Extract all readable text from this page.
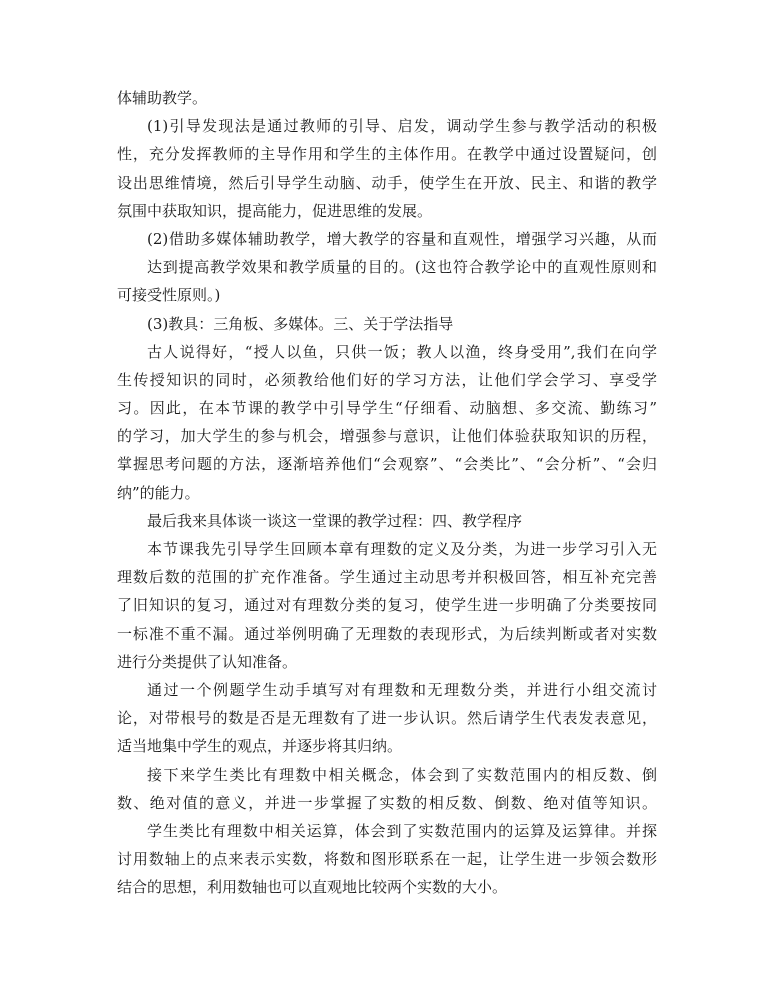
体辅助教学。
(1)引导发现法是通过教师的引导、启发，调动学生参与教学活动的积极
性，充分发挥教师的主导作用和学生的主体作用。在教学中通过设置疑问，创
设出思维情境，然后引导学生动脑、动手，使学生在开放、民主、和谐的教学
氛围中获取知识，提高能力，促进思维的发展。
(2)借助多媒体辅助教学，增大教学的容量和直观性，增强学习兴趣，从而
达到提高教学效果和教学质量的目的。(这也符合教学论中的直观性原则和
可接受性原则。)
(3)教具：三角板、多媒体。三、关于学法指导
古人说得好，“授人以鱼，只供一饭；教人以渔，终身受用”,我们在向学
生传授知识的同时，必须教给他们好的学习方法，让他们学会学习、享受学
习。因此，在本节课的教学中引导学生“仔细看、动脑想、多交流、勤练习”
的学习，加大学生的参与机会，增强参与意识，让他们体验获取知识的历程，
掌握思考问题的方法，逐渐培养他们“会观察”、“会类比”、“会分析”、“会归
纳”的能力。
最后我来具体谈一谈这一堂课的教学过程：四、教学程序
本节课我先引导学生回顾本章有理数的定义及分类，为进一步学习引入无
理数后数的范围的扩充作准备。学生通过主动思考并积极回答，相互补充完善
了旧知识的复习，通过对有理数分类的复习，使学生进一步明确了分类要按同
一标准不重不漏。通过举例明确了无理数的表现形式，为后续判断或者对实数
进行分类提供了认知准备。
通过一个例题学生动手填写对有理数和无理数分类，并进行小组交流讨
论，对带根号的数是否是无理数有了进一步认识。然后请学生代表发表意见，
适当地集中学生的观点，并逐步将其归纳。
接下来学生类比有理数中相关概念，体会到了实数范围内的相反数、倒
数、绝对值的意义，并进一步掌握了实数的相反数、倒数、绝对值等知识。
学生类比有理数中相关运算，体会到了实数范围内的运算及运算律。并探
讨用数轴上的点来表示实数，将数和图形联系在一起，让学生进一步领会数形
结合的思想，利用数轴也可以直观地比较两个实数的大小。
